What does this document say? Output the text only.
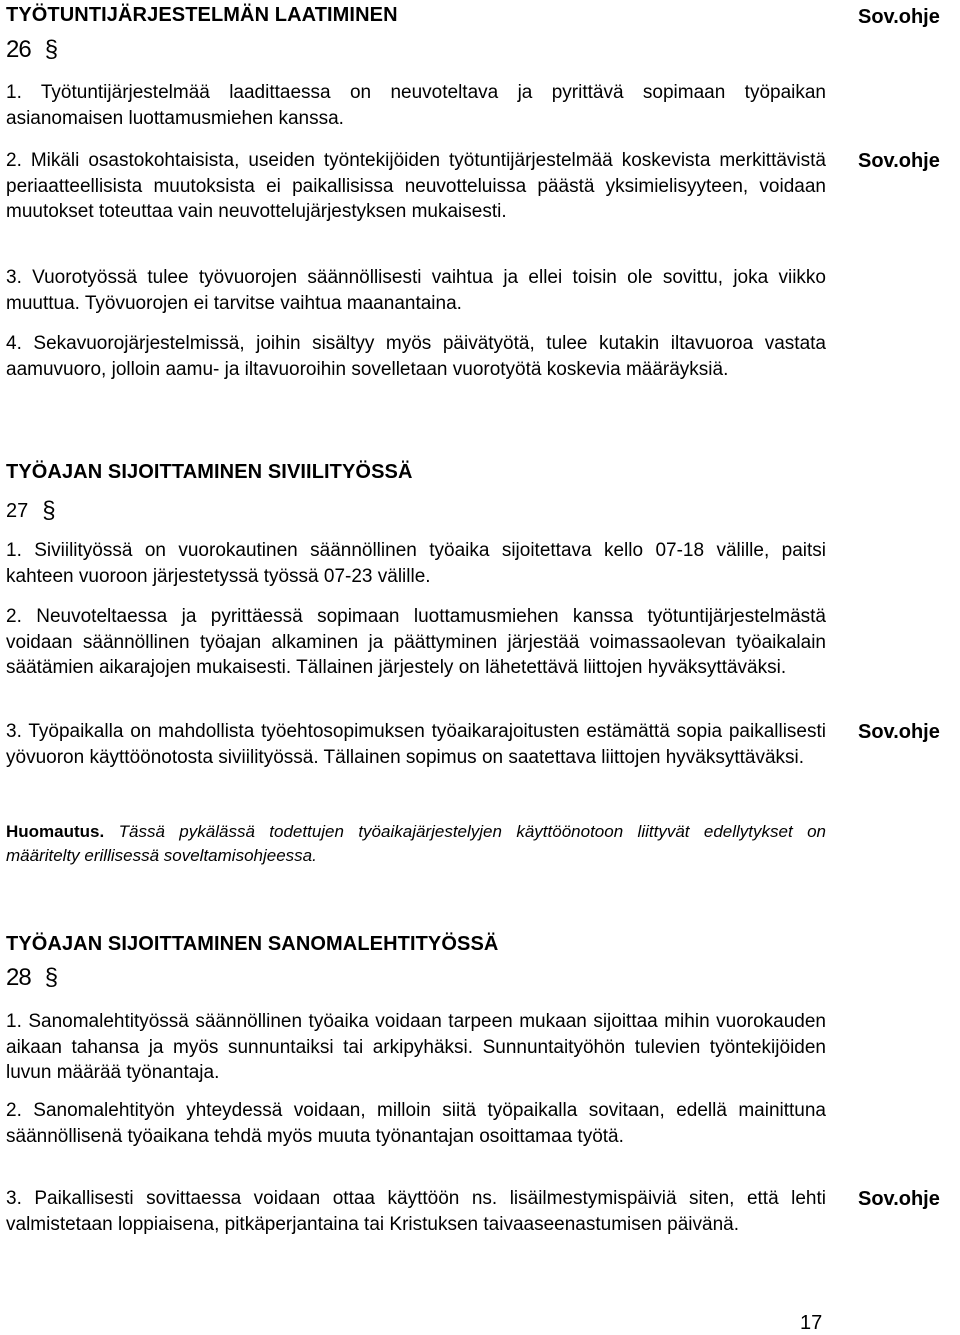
TYÖTUNTIJÄRJESTELMÄN LAATIMINEN	Sov.ohje
26 §
1. Työtuntijärjestelmää laadittaessa on neuvoteltava ja pyrittävä sopimaan työpaikan asianomaisen luottamusmiehen kanssa.
2. Mikäli osastokohtaisista, useiden työntekijöiden työtuntijärjestelmää koskevista merkittävistä periaatteellisista muutoksista ei paikallisissa neuvotteluissa päästä yksimielisyyteen, voidaan muutokset toteuttaa vain neuvottelujärjestyksen mukaisesti.
Sov.ohje
3. Vuorotyössä tulee työvuorojen säännöllisesti vaihtua ja ellei toisin ole sovittu, joka viikko muuttua. Työvuorojen ei tarvitse vaihtua maanantaina.
4. Sekavuorojärjestelmissä, joihin sisältyy myös päivätyötä, tulee kutakin iltavuoroa vastata aamuvuoro, jolloin aamu- ja iltavuoroihin sovelletaan vuorotyötä koskevia määräyksiä.
TYÖAJAN SIJOITTAMINEN SIVIILITYÖSSÄ
27 §
1. Siviilityössä on vuorokautinen säännöllinen työaika sijoitettava kello 07-18 välille, paitsi kahteen vuoroon järjestetyssä työssä 07-23 välille.
2. Neuvoteltaessa ja pyrittäessä sopimaan luottamusmiehen kanssa työtuntijärjestelmästä voidaan säännöllinen työajan alkaminen ja päättyminen järjestää voimassaolevan työaikalain säätämien aikarajojen mukaisesti. Tällainen järjestely on lähetettävä liittojen hyväksyttäväksi.
3. Työpaikalla on mahdollista työehtosopimuksen työaikarajoitusten estämättä sopia paikallisesti yövuoron käyttöönotosta siviilityössä. Tällainen sopimus on saatettava liittojen hyväksyttäväksi.
Sov.ohje
Huomautus. Tässä pykälässä todettujen työaikajärjestelyjen käyttöönotoon liittyvät edellytykset on määritelty erillisessä soveltamisohjeessa.
TYÖAJAN SIJOITTAMINEN SANOMALEHTITYÖSSÄ
28 §
1. Sanomalehtityössä säännöllinen työaika voidaan tarpeen mukaan sijoittaa mihin vuorokauden aikaan tahansa ja myös sunnuntaiksi tai arkipyhäksi. Sunnuntaityöhön tulevien työntekijöiden luvun määrää työnantaja.
2. Sanomalehtityön yhteydessä voidaan, milloin siitä työpaikalla sovitaan, edellä mainittuna säännöllisenä työaikana tehdä myös muuta työnantajan osoittamaa työtä.
3. Paikallisesti sovittaessa voidaan ottaa käyttöön ns. lisäilmestymispäiviä siten, että lehti valmistetaan loppiaisena, pitkäperjantaina tai Kristuksen taivaaseenastumisen päivänä.
Sov.ohje
17
